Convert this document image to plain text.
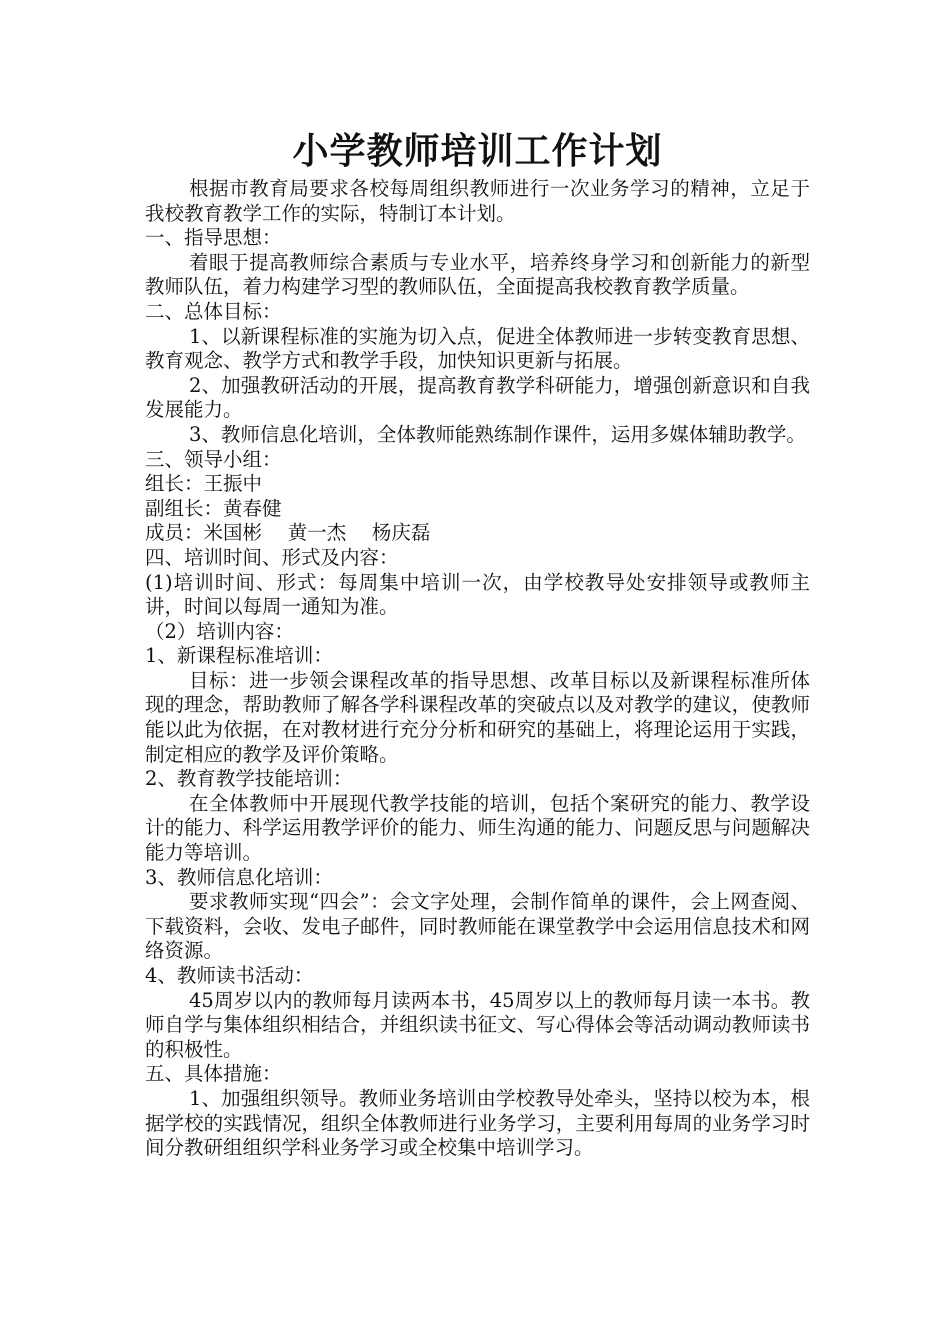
小学教师培训工作计划

根据市教育局要求各校每周组织教师进行一次业务学习的精神，立足于我校教育教学工作的实际，特制订本计划。

一、指导思想：

着眼于提高教师综合素质与专业水平，培养终身学习和创新能力的新型教师队伍，着力构建学习型的教师队伍，全面提高我校教育教学质量。

二、总体目标：

1、以新课程标准的实施为切入点，促进全体教师进一步转变教育思想、教育观念、教学方式和教学手段，加快知识更新与拓展。

2、加强教研活动的开展，提高教育教学科研能力，增强创新意识和自我发展能力。

3、教师信息化培训，全体教师能熟练制作课件，运用多媒体辅助教学。

三、领导小组：

组长：王振中

副组长：黄春健

成员：米国彬　 黄一杰　 杨庆磊

四、培训时间、形式及内容：

(1)培训时间、形式：每周集中培训一次，由学校教导处安排领导或教师主讲，时间以每周一通知为准。

（2）培训内容：

1、新课程标准培训：

目标：进一步领会课程改革的指导思想、改革目标以及新课程标准所体现的理念，帮助教师了解各学科课程改革的突破点以及对教学的建议，使教师能以此为依据，在对教材进行充分分析和研究的基础上，将理论运用于实践，制定相应的教学及评价策略。

2、教育教学技能培训：

在全体教师中开展现代教学技能的培训，包括个案研究的能力、教学设计的能力、科学运用教学评价的能力、师生沟通的能力、问题反思与问题解决能力等培训。

3、教师信息化培训：

要求教师实现“四会”：会文字处理，会制作简单的课件，会上网查阅、下载资料，会收、发电子邮件，同时教师能在课堂教学中会运用信息技术和网络资源。

4、教师读书活动：

45周岁以内的教师每月读两本书，45周岁以上的教师每月读一本书。教师自学与集体组织相结合，并组织读书征文、写心得体会等活动调动教师读书的积极性。

五、具体措施：

1、加强组织领导。教师业务培训由学校教导处牵头，坚持以校为本，根据学校的实践情况，组织全体教师进行业务学习，主要利用每周的业务学习时间分教研组组织学科业务学习或全校集中培训学习。
